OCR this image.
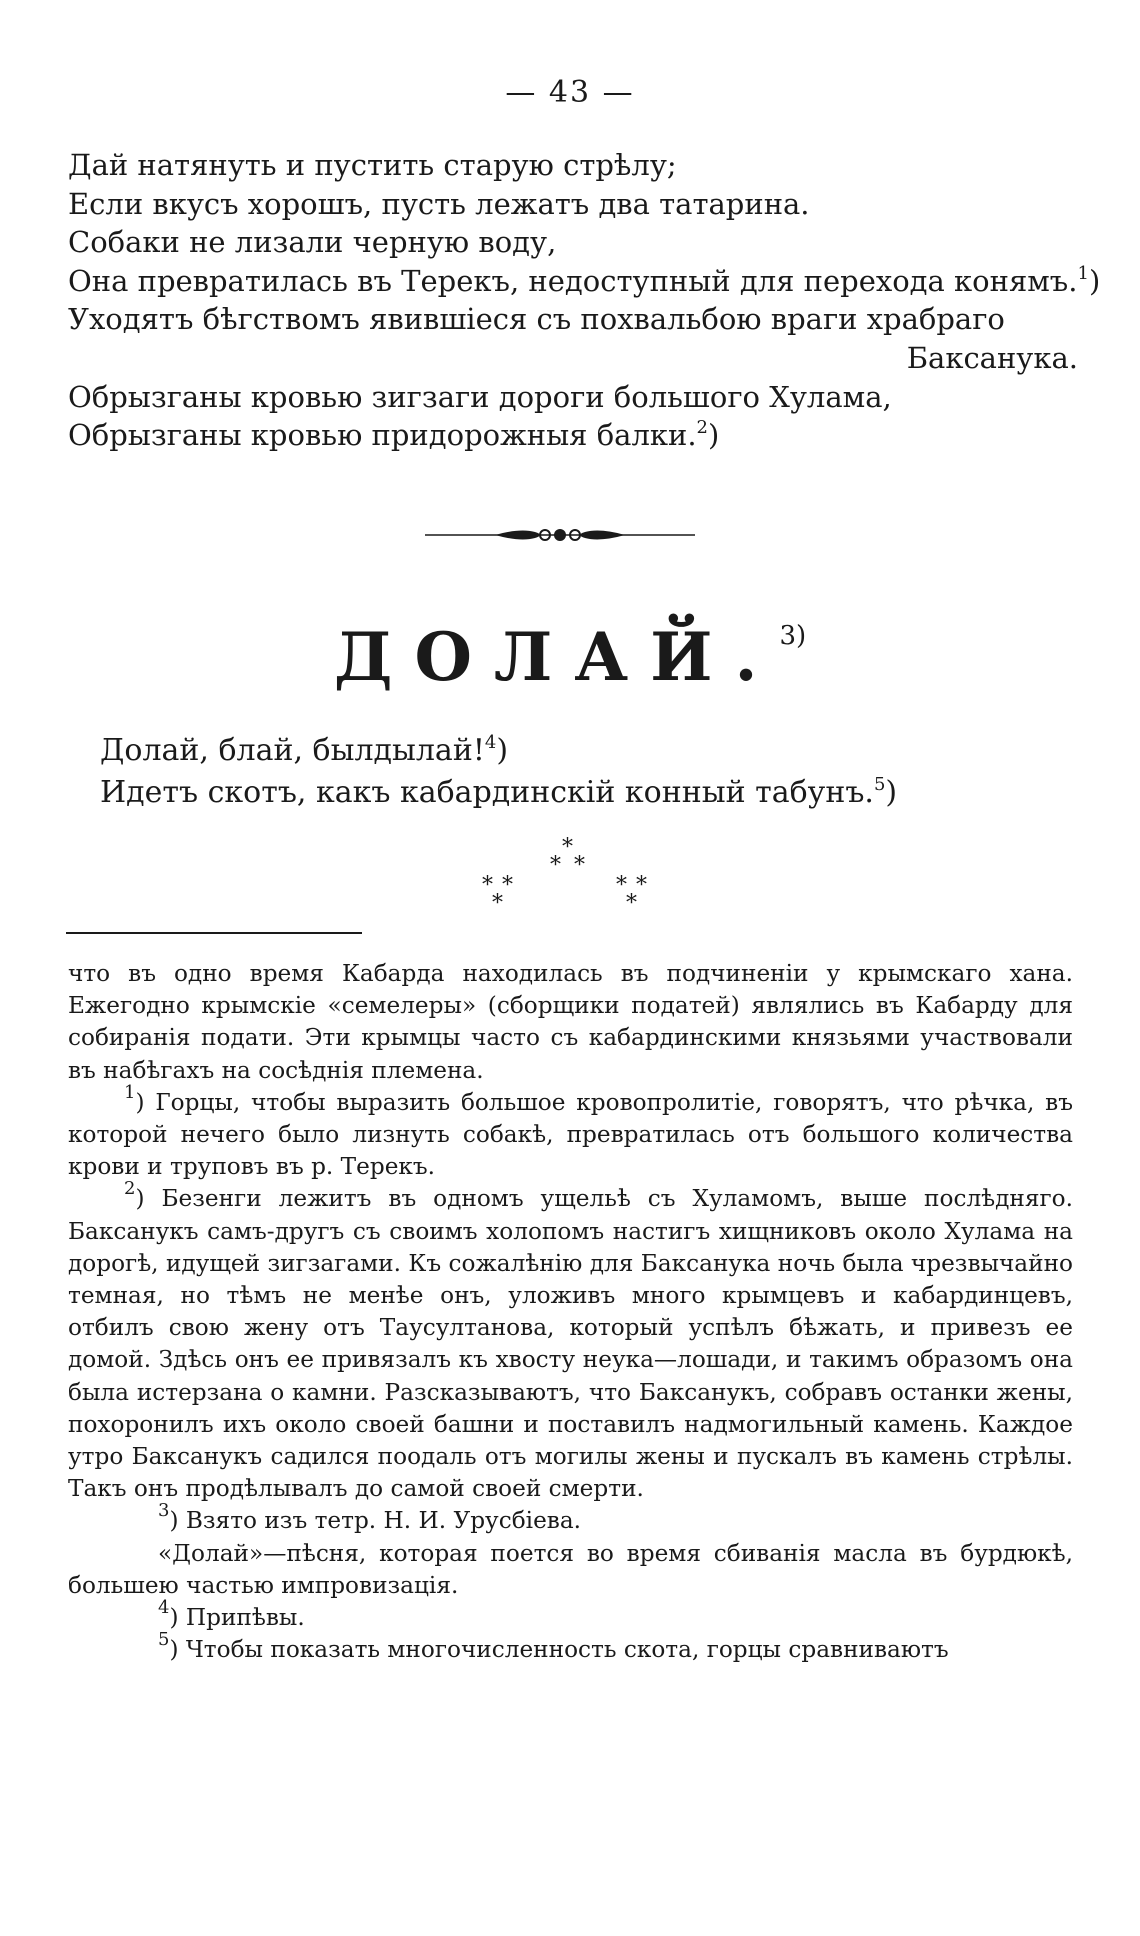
— 43 —
Дай натянуть и пустить старую стрѣлу;
Если вкусъ хорошъ, пусть лежатъ два татарина.
Собаки не лизали черную воду,
Она превратилась въ Терекъ, недоступный для перехода конямъ.$^1$)
Уходятъ бѣгствомъ явившіеся съ похвальбою враги храбраго
Баксанука.
Обрызганы кровью зигзаги дороги большого Хулама,
Обрызганы кровью придорожныя балки.$^2$)
ДОЛАЙ.$^{3)}$
Долай, блай, былдылай!$^4$)
Идетъ скотъ, какъ кабардинскій конный табунъ.$^5$)
*
* *
* *	* *
*	*

что въ одно время Кабарда находилась въ подчиненіи у крымскаго хана. Ежегодно крымскіе «семелеры» (сборщики податей) являлись въ Кабарду для собиранія подати. Эти крымцы часто съ кабардинскими князьями участвовали въ набѣгахъ на сосѣднія племена.

$^1$) Горцы, чтобы выразить большое кровопролитіе, говорятъ, что рѣчка, въ которой нечего было лизнуть собакѣ, превратилась отъ большого количества крови и труповъ въ р. Терекъ.

$^2$) Безенги лежитъ въ одномъ ущельѣ съ Хуламомъ, выше послѣдняго. Баксанукъ самъ-другъ съ своимъ холопомъ настигъ хищниковъ около Хулама на дорогѣ, идущей зигзагами. Къ сожалѣнію для Баксанука ночь была чрезвычайно темная, но тѣмъ не менѣе онъ, уложивъ много крымцевъ и кабардинцевъ, отбилъ свою жену отъ Таусултанова, который успѣлъ бѣжать, и привезъ ее домой. Здѣсь онъ ее привязалъ къ хвосту неука—лошади, и такимъ образомъ она была истерзана о камни. Разсказываютъ, что Баксанукъ, собравъ останки жены, похоронилъ ихъ около своей башни и поставилъ надмогильный камень. Каждое утро Баксанукъ садился поодаль отъ могилы жены и пускалъ въ камень стрѣлы. Такъ онъ продѣлывалъ до самой своей смерти.

$^3$) Взято изъ тетр. Н. И. Урусбіева.

«Долай»—пѣсня, которая поется во время сбиванія масла въ бурдюкѣ, большею частью импровизація.

$^4$) Припѣвы.

$^5$) Чтобы показать многочисленность скота, горцы сравниваютъ
